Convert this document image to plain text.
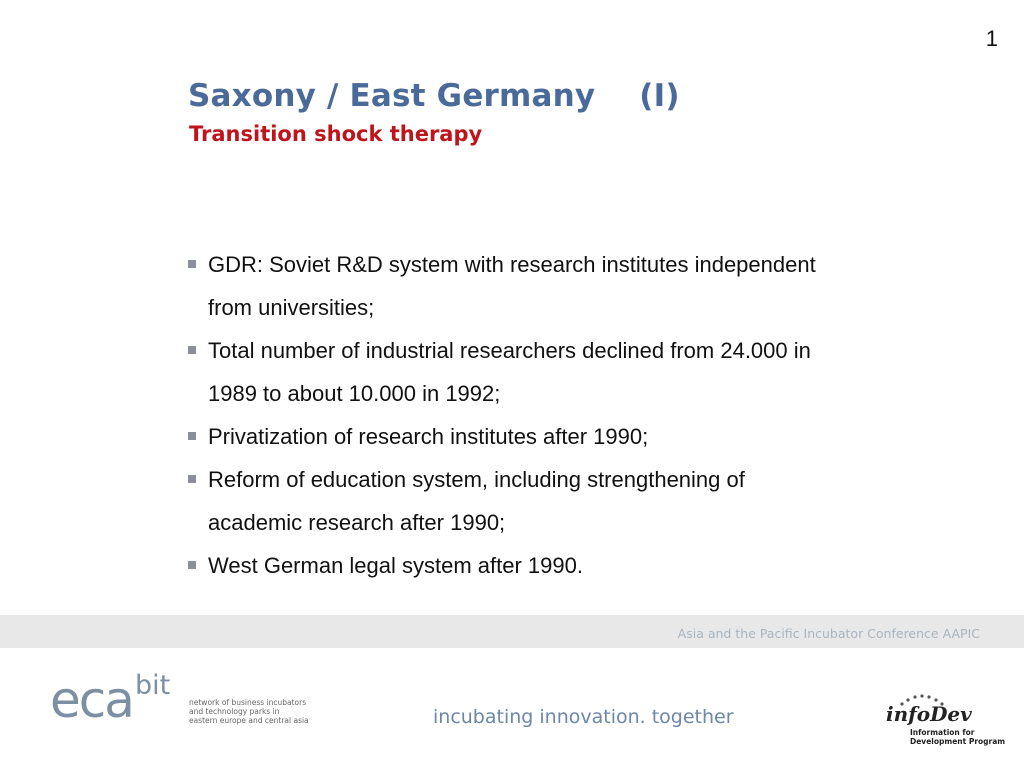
1
Saxony / East Germany    (I)
Transition shock therapy
GDR: Soviet R&D system with research institutes independent
from universities;
Total number of industrial researchers declined from 24.000 in
1989 to about 10.000 in 1992;
Privatization of research institutes after 1990;
Reform of education system, including strengthening of
academic research after 1990;
West German legal system after 1990.
Asia and the Pacific Incubator Conference AAPIC
eca bit
network of business incubators
and technology parks in
eastern europe and central asia	incubating innovation. together	infoDev
Information for
Development Program
